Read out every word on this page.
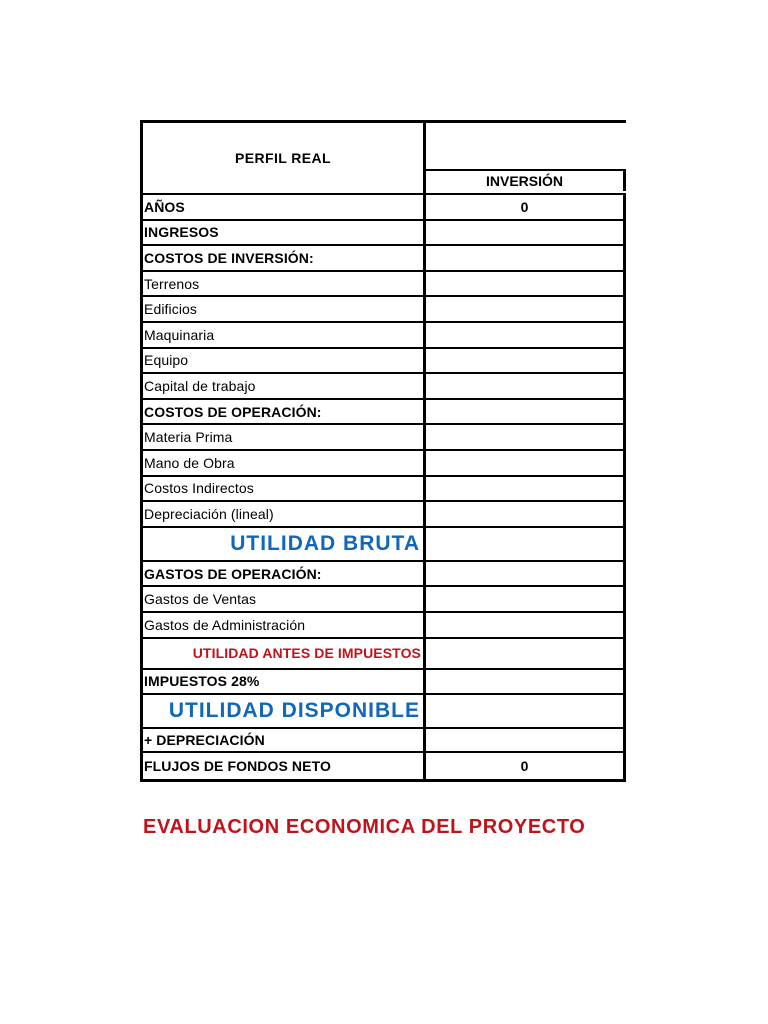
PERFIL REAL
INVERSIÓN
AÑOS	0
INGRESOS
COSTOS DE INVERSIÓN:
Terrenos
Edificios
Maquinaria
Equipo
Capital de trabajo
COSTOS DE OPERACIÓN:
Materia Prima
Mano de Obra
Costos Indirectos
Depreciación (lineal)
UTILIDAD BRUTA
GASTOS DE OPERACIÓN:
Gastos de Ventas
Gastos de Administración
UTILIDAD ANTES DE IMPUESTOS
IMPUESTOS 28%
UTILIDAD DISPONIBLE
+ DEPRECIACIÓN
FLUJOS DE FONDOS NETO	0
EVALUACION ECONOMICA DEL PROYECTO
